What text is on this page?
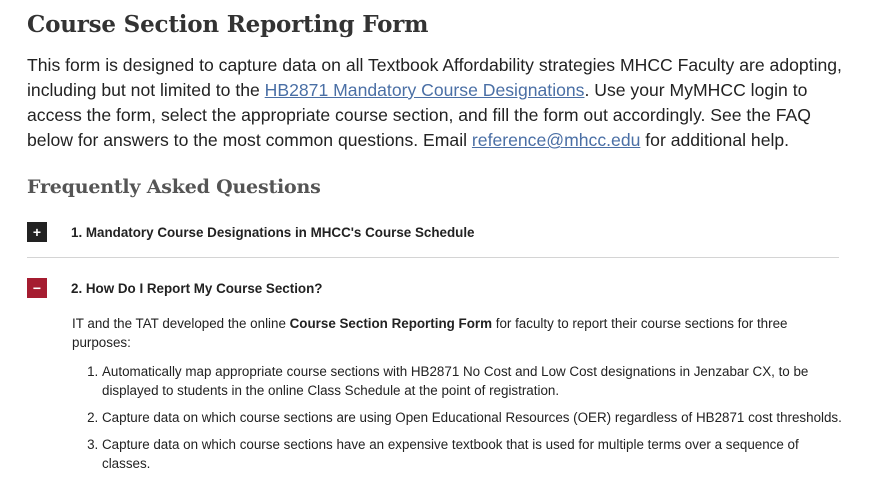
Course Section Reporting Form

This form is designed to capture data on all Textbook Affordability strategies MHCC Faculty are adopting, including but not limited to the HB2871 Mandatory Course Designations. Use your MyMHCC login to access the form, select the appropriate course section, and fill the form out accordingly. See the FAQ below for answers to the most common questions. Email reference@mhcc.edu for additional help.

Frequently Asked Questions
+	1. Mandatory Course Designations in MHCC's Course Schedule
−	2. How Do I Report My Course Section?

IT and the TAT developed the online Course Section Reporting Form for faculty to report their course sections for three purposes:

1. Automatically map appropriate course sections with HB2871 No Cost and Low Cost designations in Jenzabar CX, to be displayed to students in the online Class Schedule at the point of registration.
2. Capture data on which course sections are using Open Educational Resources (OER) regardless of HB2871 cost thresholds.
3. Capture data on which course sections have an expensive textbook that is used for multiple terms over a sequence of classes.
